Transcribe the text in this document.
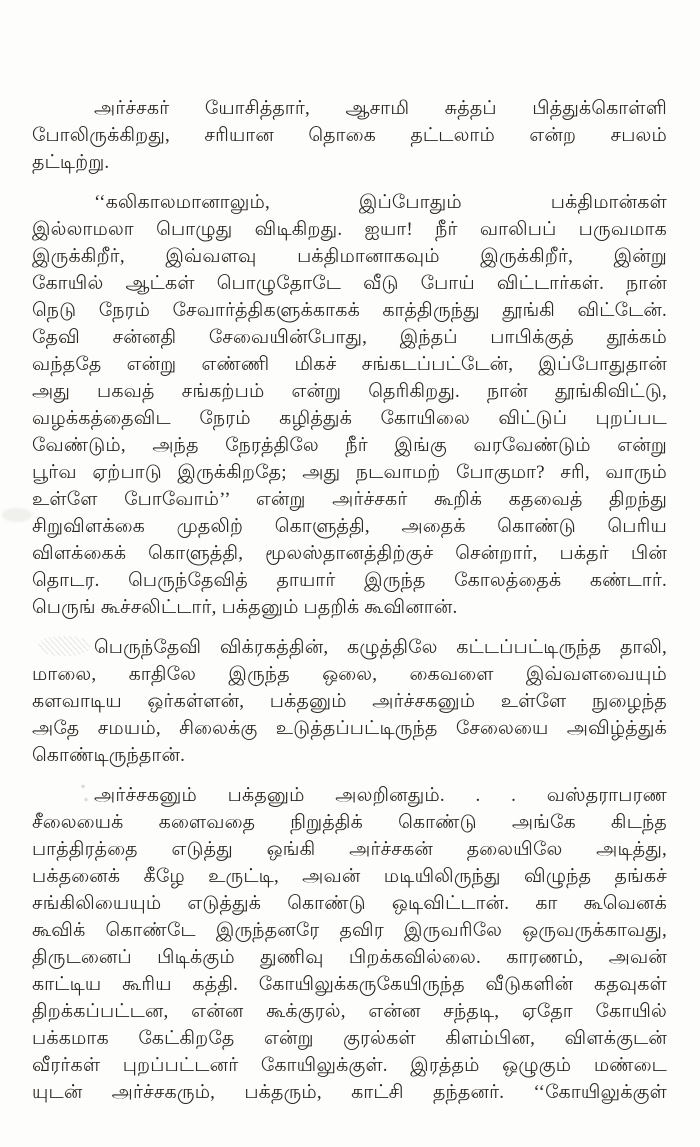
அர்ச்சகர் யோசித்தார், ஆசாமி சுத்தப் பித்துக்கொள்ளி
போலிருக்கிறது, சரியான தொகை தட்டலாம் என்ற சபலம்
தட்டிற்று.

‘‘கலிகாலமானாலும், இப்போதும் பக்திமான்கள்
இல்லாமலா பொழுது விடிகிறது. ஐயா! நீர் வாலிபப் பருவமாக
இருக்கிறீர், இவ்வளவு பக்திமானாகவும் இருக்கிறீர், இன்று
கோயில் ஆட்கள் பொழுதோடே வீடு போய் விட்டார்கள். நான்
நெடு நேரம் சேவார்த்திகளுக்காகக் காத்திருந்து தூங்கி விட்டேன்.
தேவி சன்னதி சேவையின்போது, இந்தப் பாபிக்குத் தூக்கம்
வந்ததே என்று எண்ணி மிகச் சங்கடப்பட்டேன், இப்போதுதான்
அது பகவத் சங்கற்பம் என்று தெரிகிறது. நான் தூங்கிவிட்டு,
வழக்கத்தைவிட நேரம் கழித்துக் கோயிலை விட்டுப் புறப்பட
வேண்டும், அந்த நேரத்திலே நீர் இங்கு வரவேண்டும் என்று
பூர்வ ஏற்பாடு இருக்கிறதே; அது நடவாமற் போகுமா? சரி, வாரும்
உள்ளே போவோம்’’ என்று அர்ச்சகர் கூறிக் கதவைத் திறந்து
சிறுவிளக்கை முதலிற் கொளுத்தி, அதைக் கொண்டு பெரிய
விளக்கைக் கொளுத்தி, மூலஸ்தானத்திற்குச் சென்றார், பக்தர் பின்
தொடர. பெருந்தேவித் தாயார் இருந்த கோலத்தைக் கண்டார்.
பெருங் கூச்சலிட்டார், பக்தனும் பதறிக் கூவினான்.

பெருந்தேவி விக்ரகத்தின், கழுத்திலே கட்டப்பட்டிருந்த தாலி,
மாலை, காதிலே இருந்த ஒலை, கைவளை இவ்வளவையும்
களவாடிய ஒர்கள்ளன், பக்தனும் அர்ச்சகனும் உள்ளே நுழைந்த
அதே சமயம், சிலைக்கு உடுத்தப்பட்டிருந்த சேலையை அவிழ்த்துக்
கொண்டிருந்தான்.

அர்ச்சகனும் பக்தனும் அலறினதும். . . வஸ்தராபரண
சீலையைக் களைவதை நிறுத்திக் கொண்டு அங்கே கிடந்த
பாத்திரத்தை எடுத்து ஒங்கி அர்ச்சகன் தலையிலே அடித்து,
பக்தனைக் கீழே உருட்டி, அவன் மடியிலிருந்து விழுந்த தங்கச்
சங்கிலியையும் எடுத்துக் கொண்டு ஒடிவிட்டான். கா கூவெனக்
கூவிக் கொண்டே இருந்தனரே தவிர இருவரிலே ஒருவருக்காவது,
திருடனைப் பிடிக்கும் துணிவு பிறக்கவில்லை. காரணம், அவன்
காட்டிய கூரிய கத்தி. கோயிலுக்கருகேயிருந்த வீடுகளின் கதவுகள்
திறக்கப்பட்டன, என்ன கூக்குரல், என்ன சந்தடி, ஏதோ கோயில்
பக்கமாக கேட்கிறதே என்று குரல்கள் கிளம்பின, விளக்குடன்
வீரர்கள் புறப்பட்டனர் கோயிலுக்குள். இரத்தம் ஒழுகும் மண்டை
யுடன் அர்ச்சகரும், பக்தரும், காட்சி தந்தனர். ‘‘கோயிலுக்குள்
